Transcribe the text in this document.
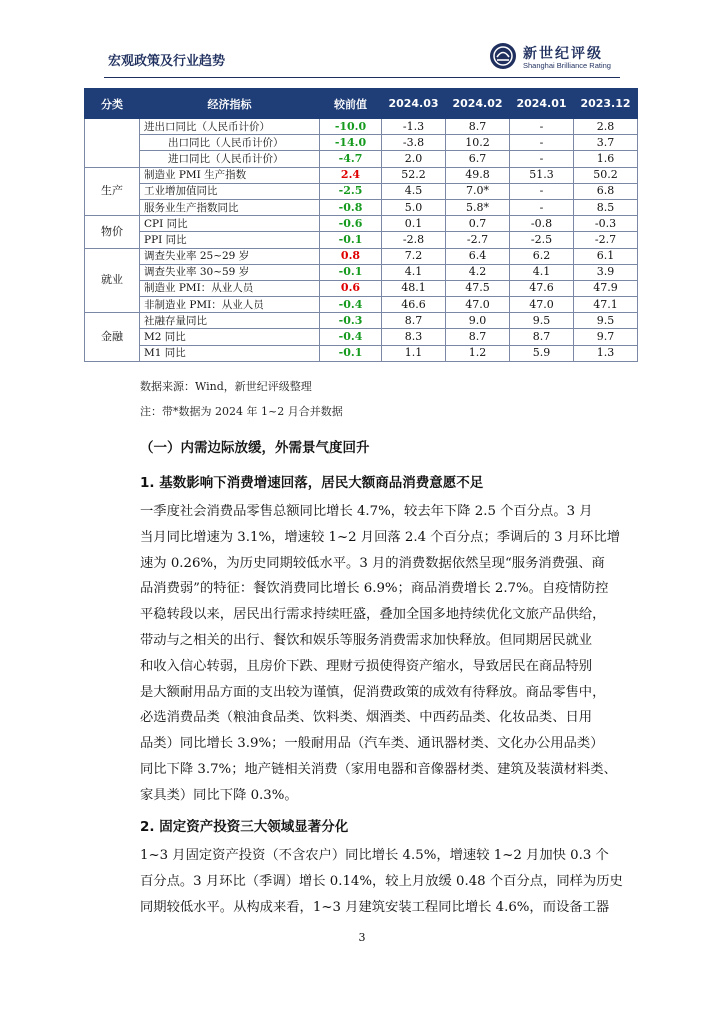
宏观政策及行业趋势	新世纪评级
Shanghai Brilliance Rating
分类	经济指标	较前值	2024.03	2024.02	2024.01	2023.12
	进出口同比（人民币计价）	-10.0	-1.3	8.7	-	2.8
	出口同比（人民币计价）	-14.0	-3.8	10.2	-	3.7
	进口同比（人民币计价）	-4.7	2.0	6.7	-	1.6
生产	制造业 PMI 生产指数	2.4	52.2	49.8	51.3	50.2
	工业增加值同比	-2.5	4.5	7.0*	-	6.8
	服务业生产指数同比	-0.8	5.0	5.8*	-	8.5
物价	CPI 同比	-0.6	0.1	0.7	-0.8	-0.3
	PPI 同比	-0.1	-2.8	-2.7	-2.5	-2.7
就业	调查失业率 25~29 岁	0.8	7.2	6.4	6.2	6.1
	调查失业率 30~59 岁	-0.1	4.1	4.2	4.1	3.9
	制造业 PMI：从业人员	0.6	48.1	47.5	47.6	47.9
	非制造业 PMI：从业人员	-0.4	46.6	47.0	47.0	47.1
金融	社融存量同比	-0.3	8.7	9.0	9.5	9.5
	M2 同比	-0.4	8.3	8.7	8.7	9.7
	M1 同比	-0.1	1.1	1.2	5.9	1.3
数据来源：Wind，新世纪评级整理
注：带*数据为 2024 年 1~2 月合并数据
（一）内需边际放缓，外需景气度回升
1. 基数影响下消费增速回落，居民大额商品消费意愿不足
一季度社会消费品零售总额同比增长 4.7%，较去年下降 2.5 个百分点。3 月
当月同比增速为 3.1%，增速较 1~2 月回落 2.4 个百分点；季调后的 3 月环比增
速为 0.26%，为历史同期较低水平。3 月的消费数据依然呈现“服务消费强、商
品消费弱”的特征：餐饮消费同比增长 6.9%；商品消费增长 2.7%。自疫情防控
平稳转段以来，居民出行需求持续旺盛，叠加全国多地持续优化文旅产品供给，
带动与之相关的出行、餐饮和娱乐等服务消费需求加快释放。但同期居民就业
和收入信心转弱，且房价下跌、理财亏损使得资产缩水，导致居民在商品特别
是大额耐用品方面的支出较为谨慎，促消费政策的成效有待释放。商品零售中，
必选消费品类（粮油食品类、饮料类、烟酒类、中西药品类、化妆品类、日用
品类）同比增长 3.9%；一般耐用品（汽车类、通讯器材类、文化办公用品类）
同比下降 3.7%；地产链相关消费（家用电器和音像器材类、建筑及装潢材料类、
家具类）同比下降 0.3%。
2. 固定资产投资三大领域显著分化
1~3 月固定资产投资（不含农户）同比增长 4.5%，增速较 1~2 月加快 0.3 个
百分点。3 月环比（季调）增长 0.14%，较上月放缓 0.48 个百分点，同样为历史
同期较低水平。从构成来看，1~3 月建筑安装工程同比增长 4.6%，而设备工器
3
